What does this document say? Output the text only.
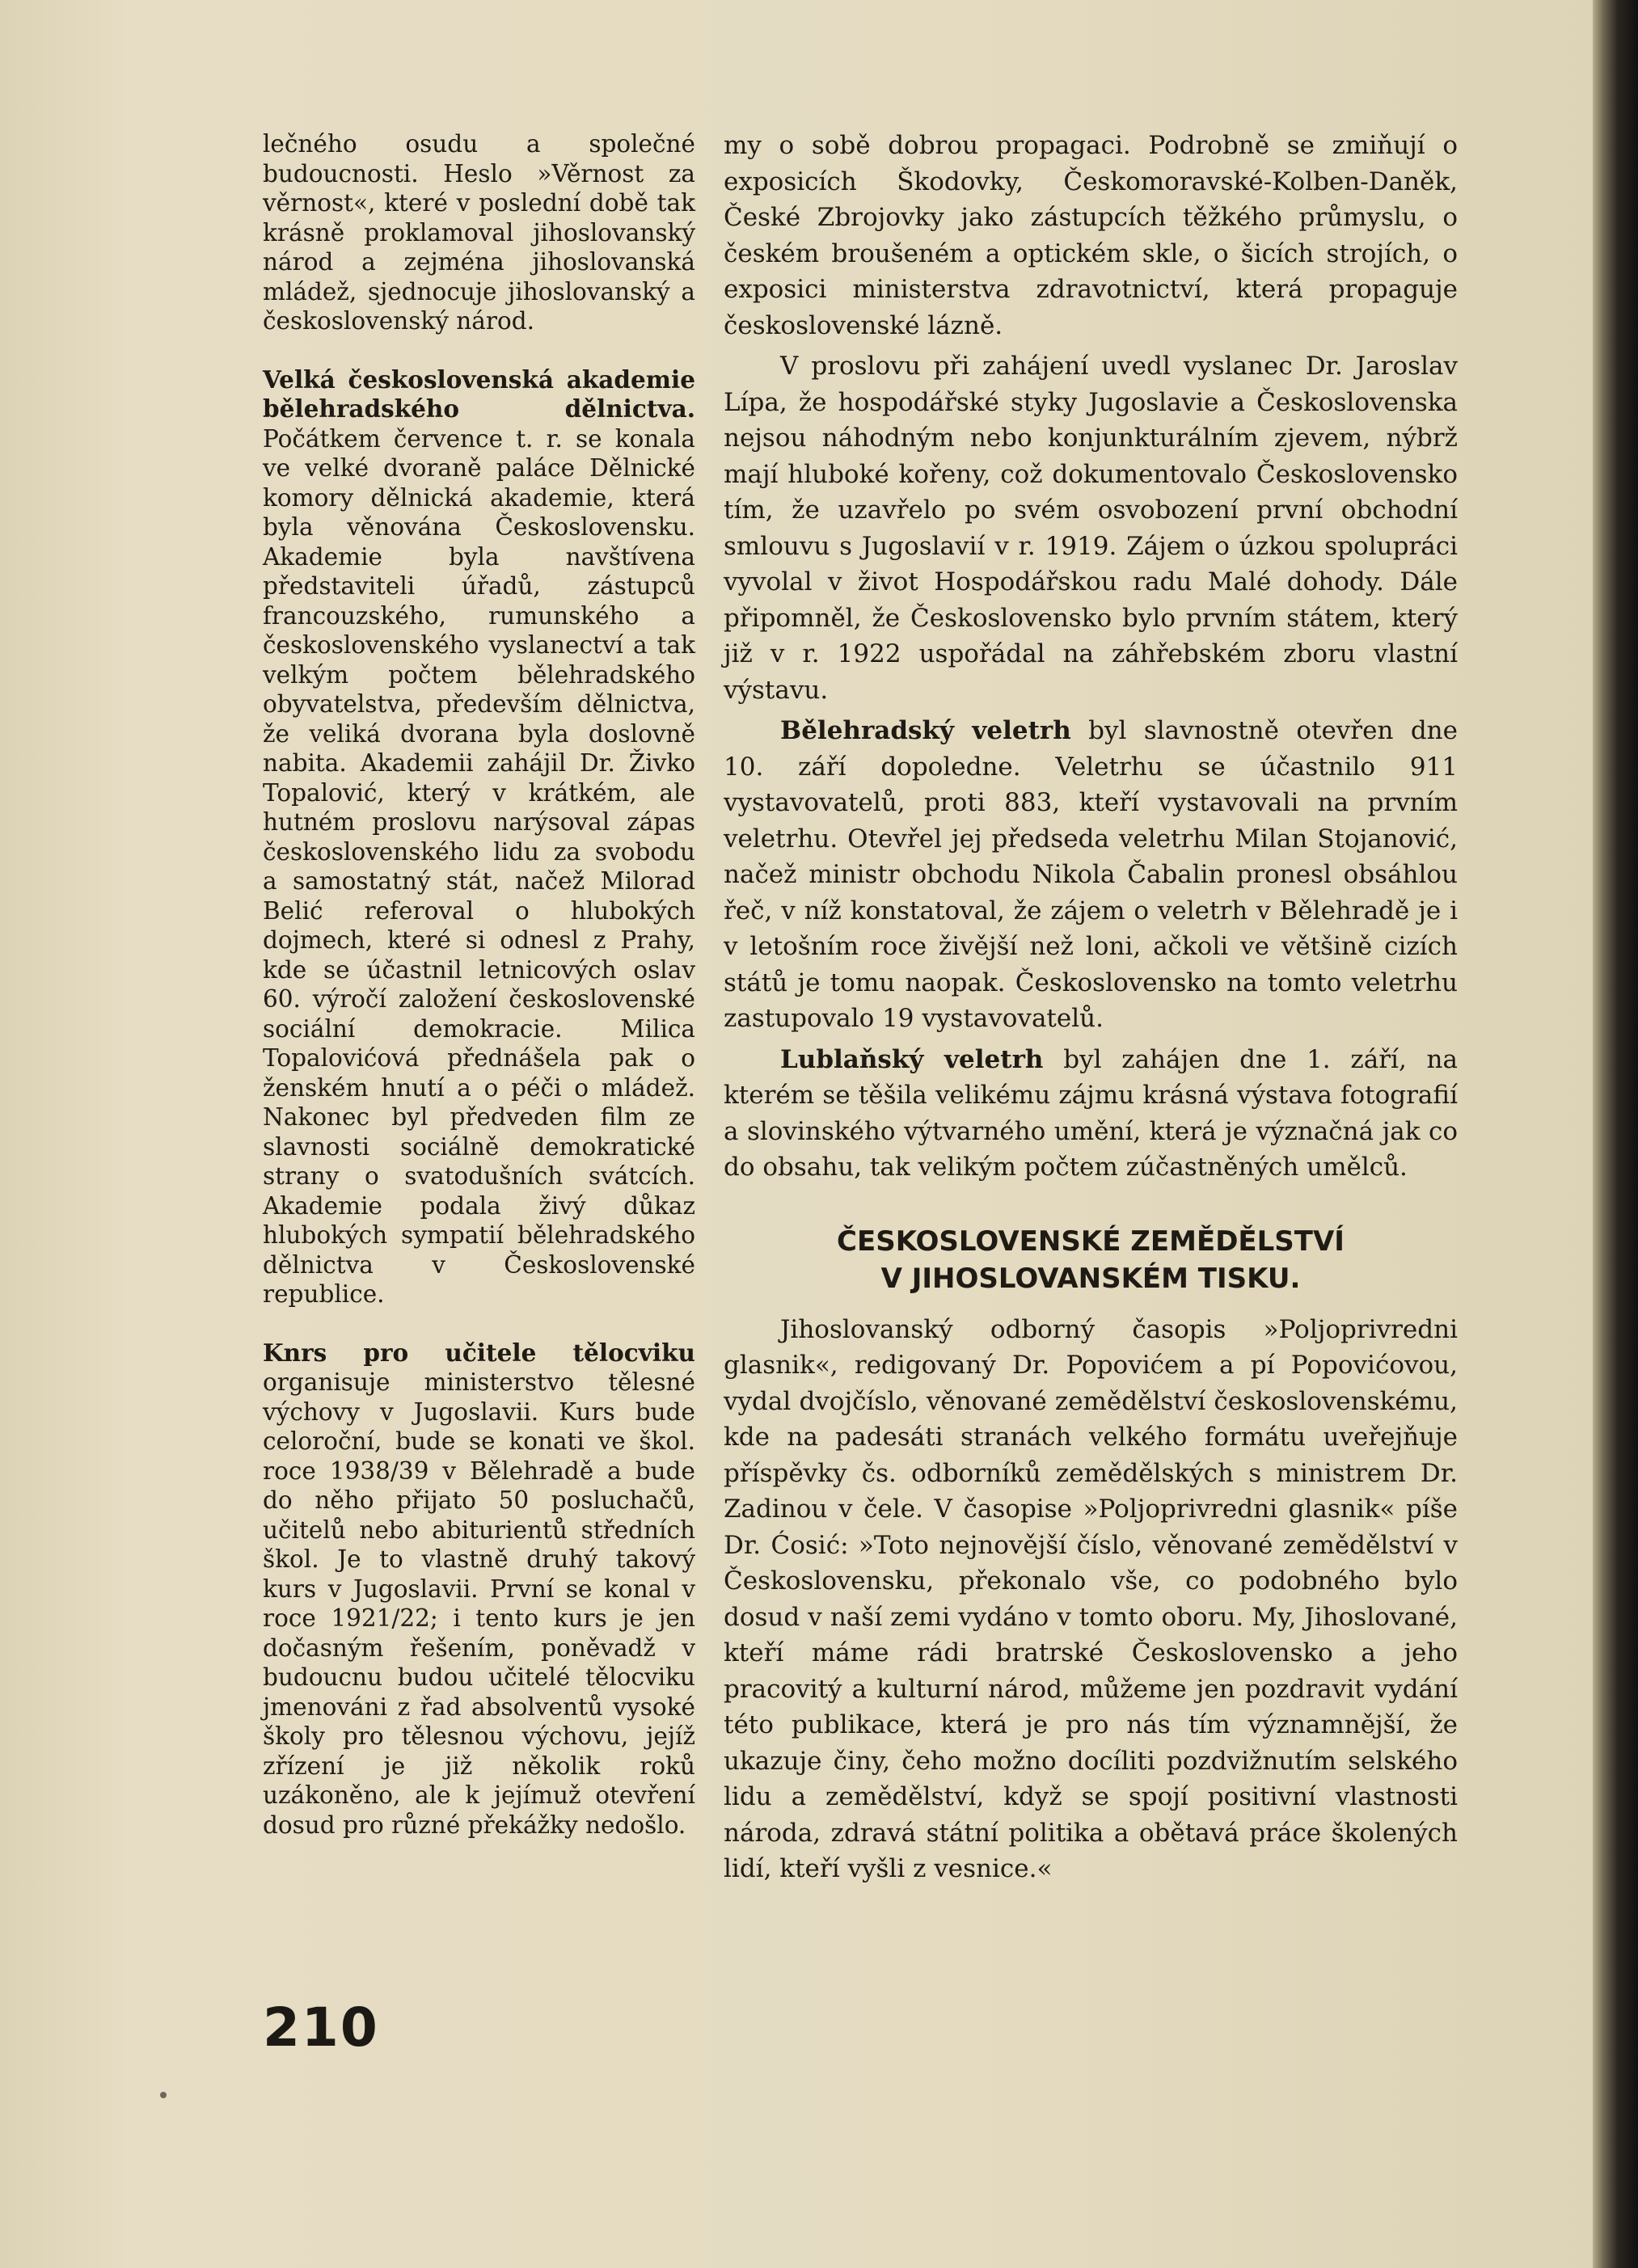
lečného osudu a společné budoucnosti. Heslo »Věrnost za věrnost«, které v poslední době tak krásně proklamoval jihoslovanský národ a zejména jihoslovanská mládež, sjednocuje jihoslovanský a československý národ.

Velká československá akademie bělehradského dělnictva. Počátkem července t. r. se konala ve velké dvoraně paláce Dělnické komory dělnická akademie, která byla věnována Československu. Akademie byla navštívena představiteli úřadů, zástupců francouzského, rumunského a československého vyslanectví a tak velkým počtem bělehradského obyvatelstva, především dělnictva, že veliká dvorana byla doslovně nabita. Akademii zahájil Dr. Živko Topalović, který v krátkém, ale hutném proslovu narýsoval zápas československého lidu za svobodu a samostatný stát, načež Milorad Belić referoval o hlubokých dojmech, které si odnesl z Prahy, kde se účastnil letnicových oslav 60. výročí založení československé sociální demokracie. Milica Topalovićová přednášela pak o ženském hnutí a o péči o mládež. Nakonec byl předveden film ze slavnosti sociálně demokratické strany o svatodušních svátcích. Akademie podala živý důkaz hlubokých sympatií bělehradského dělnictva v Československé republice.

Knrs pro učitele tělocviku organisuje ministerstvo tělesné výchovy v Jugoslavii. Kurs bude celoroční, bude se konati ve škol. roce 1938/39 v Bělehradě a bude do něho přijato 50 posluchačů, učitelů nebo abiturientů středních škol. Je to vlastně druhý takový kurs v Jugoslavii. První se konal v roce 1921/22; i tento kurs je jen dočasným řešením, poněvadž v budoucnu budou učitelé tělocviku jmenováni z řad absolventů vysoké školy pro tělesnou výchovu, jejíž zřízení je již několik roků uzákoněno, ale k jejímuž otevření dosud pro různé překážky nedošlo.

my o sobě dobrou propagaci. Podrobně se zmiňují o exposicích Škodovky, Českomoravské-Kolben-Daněk, České Zbrojovky jako zástupcích těžkého průmyslu, o českém broušeném a optickém skle, o šicích strojích, o exposici ministerstva zdravotnictví, která propaguje československé lázně.

V proslovu při zahájení uvedl vyslanec Dr. Jaroslav Lípa, že hospodářské styky Jugoslavie a Československa nejsou náhodným nebo konjunkturálním zjevem, nýbrž mají hluboké kořeny, což dokumentovalo Československo tím, že uzavřelo po svém osvobození první obchodní smlouvu s Jugoslavií v r. 1919. Zájem o úzkou spolupráci vyvolal v život Hospodářskou radu Malé dohody. Dále připomněl, že Československo bylo prvním státem, který již v r. 1922 uspořádal na záhřebském zboru vlastní výstavu.

Bělehradský veletrh byl slavnostně otevřen dne 10. září dopoledne. Veletrhu se účastnilo 911 vystavovatelů, proti 883, kteří vystavovali na prvním veletrhu. Otevřel jej předseda veletrhu Milan Stojanović, načež ministr obchodu Nikola Čabalin pronesl obsáhlou řeč, v níž konstatoval, že zájem o veletrh v Bělehradě je i v letošním roce živější než loni, ačkoli ve většině cizích států je tomu naopak. Československo na tomto veletrhu zastupovalo 19 vystavovatelů.

Lublaňský veletrh byl zahájen dne 1. září, na kterém se těšila velikému zájmu krásná výstava fotografií a slovinského výtvarného umění, která je význačná jak co do obsahu, tak velikým počtem zúčastněných umělců.

ČESKOSLOVENSKÉ ZEMĚDĚLSTVÍ
V JIHOSLOVANSKÉM TISKU.

Jihoslovanský odborný časopis »Poljoprivredni glasnik«, redigovaný Dr. Popovićem a pí Popovićovou, vydal dvojčíslo, věnované zemědělství československému, kde na padesáti stranách velkého formátu uveřejňuje příspěvky čs. odborníků zemědělských s ministrem Dr. Zadinou v čele. V časopise »Poljoprivredni glasnik« píše Dr. Ćosić: »Toto nejnovější číslo, věnované zemědělství v Československu, překonalo vše, co podobného bylo dosud v naší zemi vydáno v tomto oboru. My, Jihoslované, kteří máme rádi bratrské Československo a jeho pracovitý a kulturní národ, můžeme jen pozdravit vydání této publikace, která je pro nás tím významnější, že ukazuje činy, čeho možno docíliti pozdvižnutím selského lidu a zemědělství, když se spojí positivní vlastnosti národa, zdravá státní politika a obětavá práce školených lidí, kteří vyšli z vesnice.«

210
